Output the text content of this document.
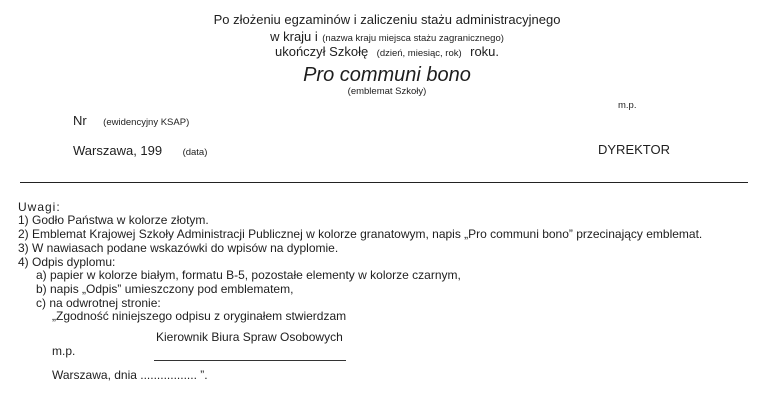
Po złożeniu egzaminów i zaliczeniu stażu administracyjnego
w kraju i (nazwa kraju miejsca stażu zagranicznego)
ukończył Szkołę (dzień, miesiąc, rok) roku.
Pro communi bono
(emblemat Szkoły)
m.p.
Nr (ewidencyjny KSAP)
Warszawa, 199 (data)	DYREKTOR
Uwagi:
1) Godło Państwa w kolorze złotym.
2) Emblemat Krajowej Szkoły Administracji Publicznej w kolorze granatowym, napis „Pro communi bono” przecinający emblemat.
3) W nawiasach podane wskazówki do wpisów na dyplomie.
4) Odpis dyplomu:
a) papier w kolorze białym, formatu B-5, pozostałe elementy w kolorze czarnym,
b) napis „Odpis” umieszczony pod emblematem,
c) na odwrotnej stronie:
„Zgodność niniejszego odpisu z oryginałem stwierdzam
Kierownik Biura Spraw Osobowych
m.p.
Warszawa, dnia ................. ”.
